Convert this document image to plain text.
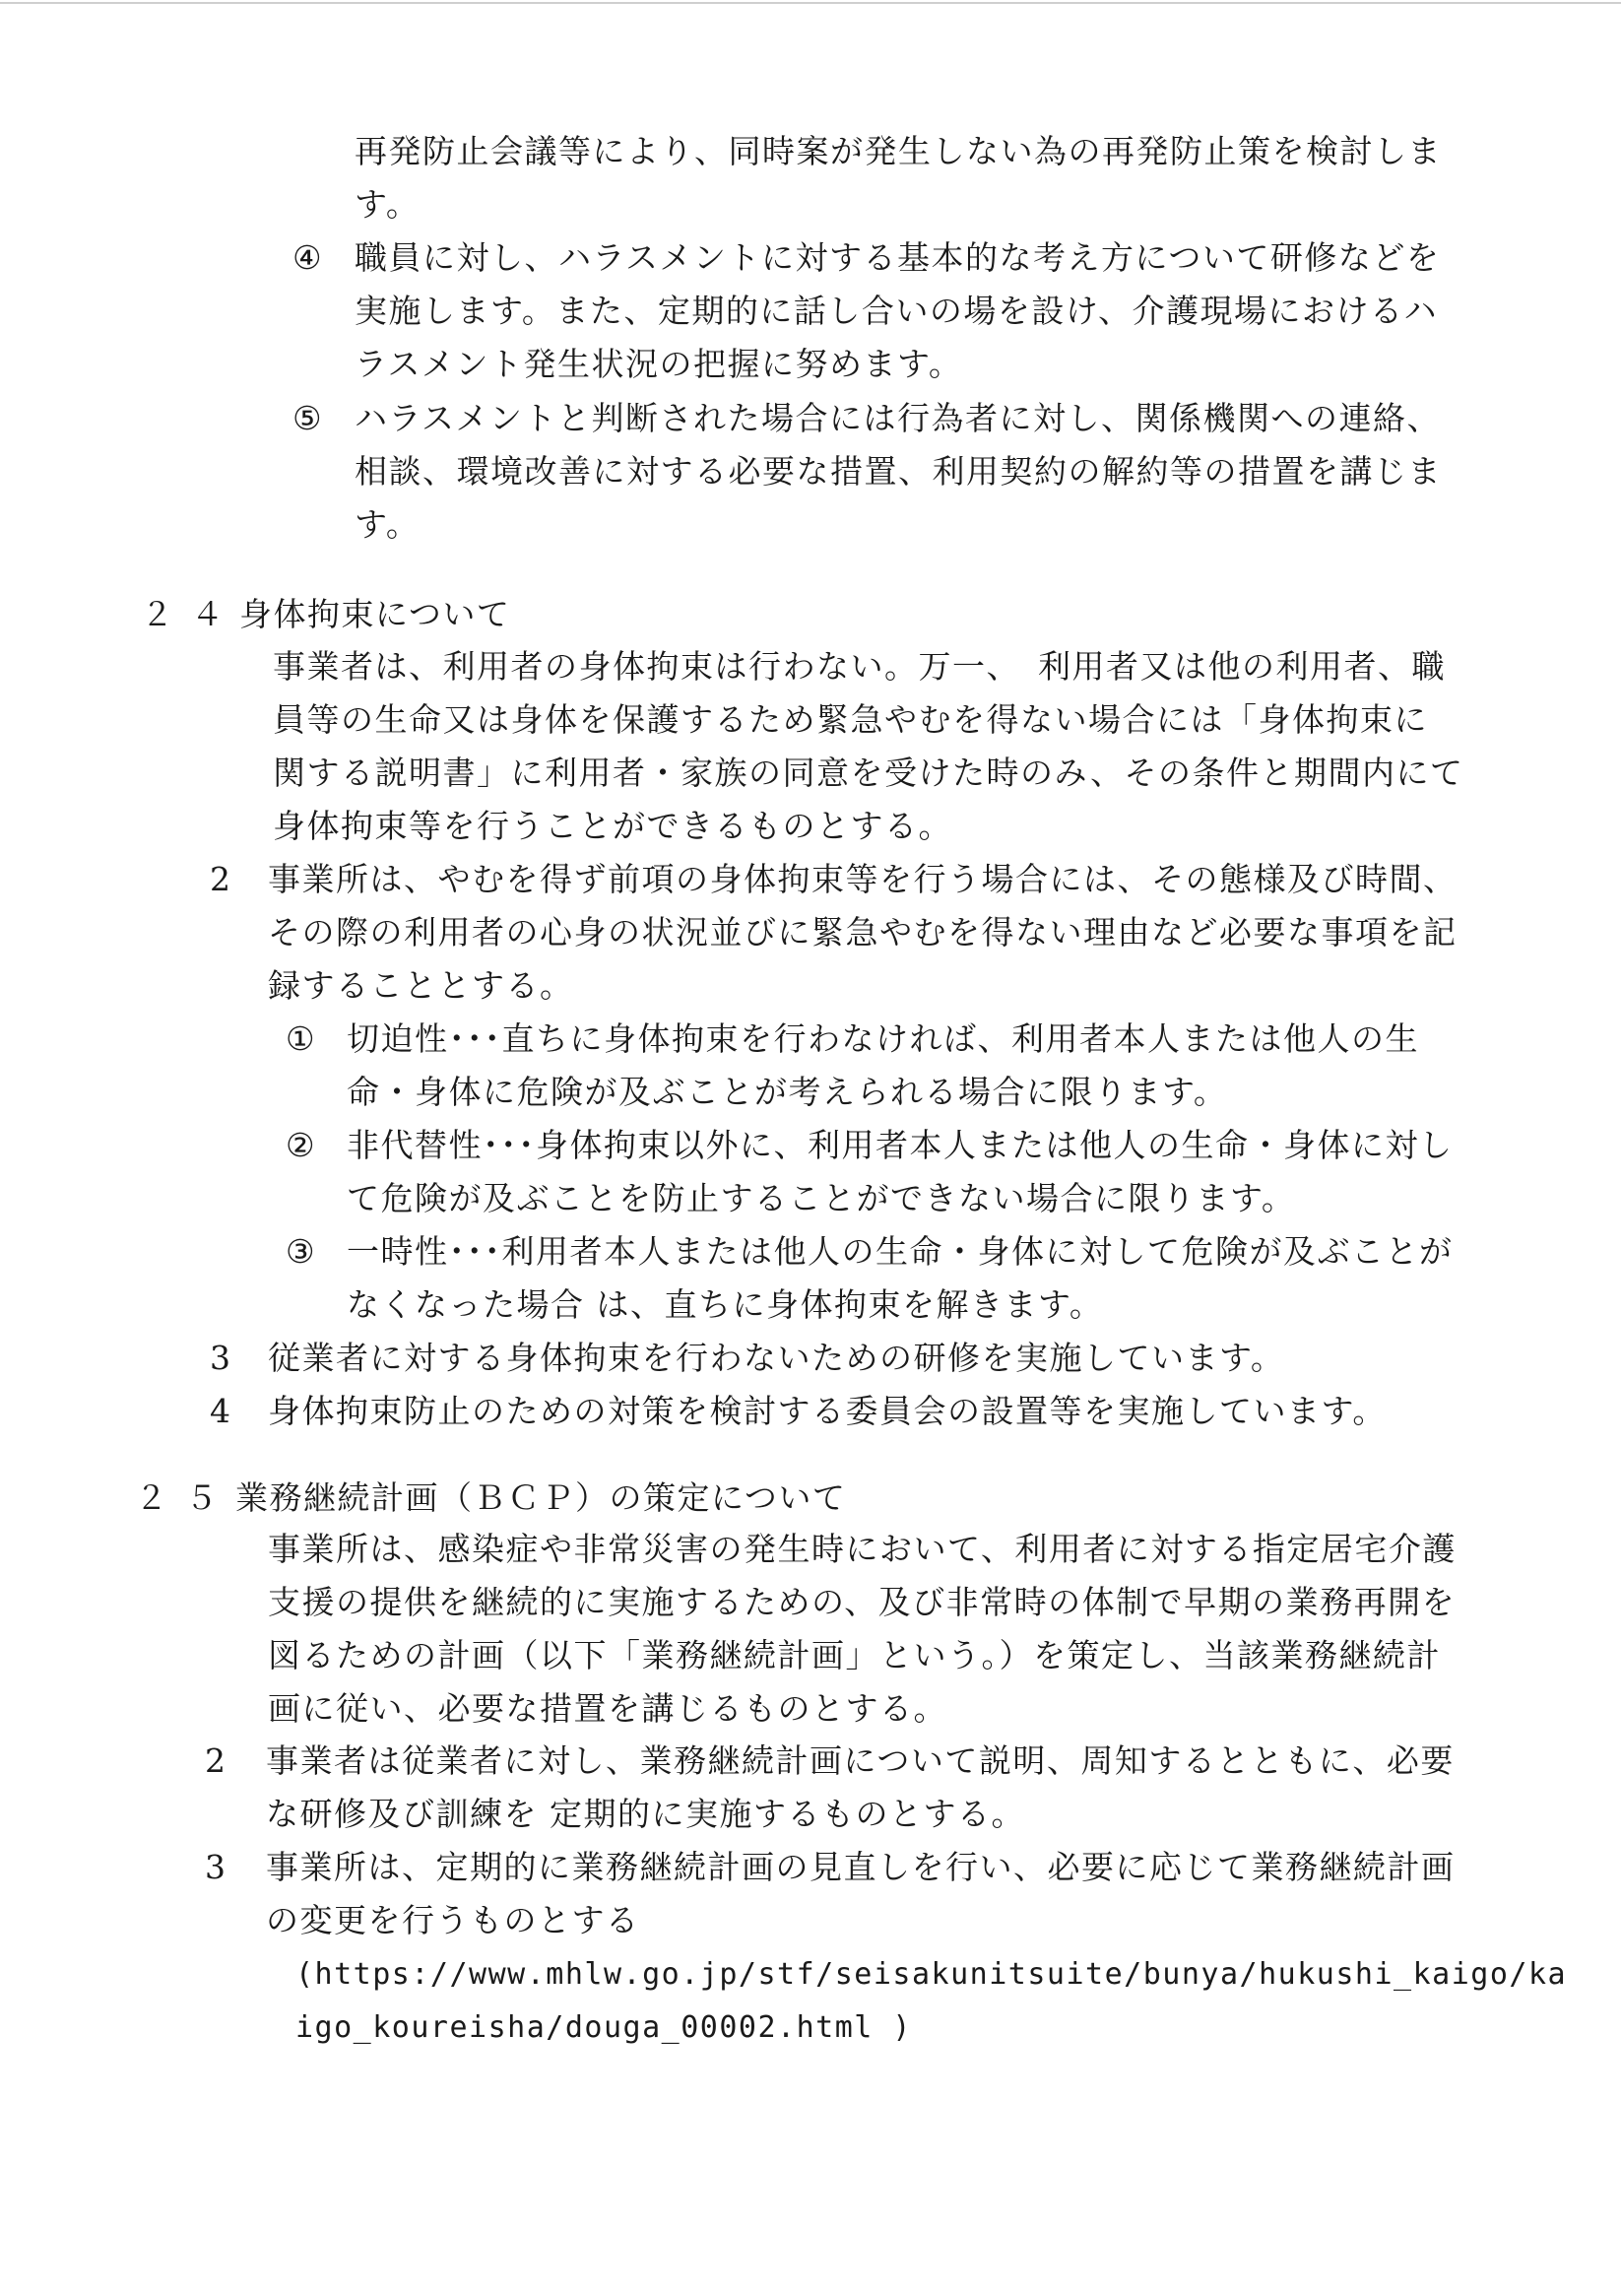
再発防止会議等により、同時案が発生しない為の再発防止策を検討しま
す。
④ 職員に対し、ハラスメントに対する基本的な考え方について研修などを
実施します。また、定期的に話し合いの場を設け、介護現場におけるハ
ラスメント発生状況の把握に努めます。
⑤ ハラスメントと判断された場合には行為者に対し、関係機関への連絡、
相談、環境改善に対する必要な措置、利用契約の解約等の措置を講じま
す。
２４身体拘束について
事業者は、利用者の身体拘束は行わない。万一、　利用者又は他の利用者、職
員等の生命又は身体を保護するため緊急やむを得ない場合には「身体拘束に
関する説明書」に利用者・家族の同意を受けた時のみ、その条件と期間内にて
身体拘束等を行うことができるものとする。
2 事業所は、やむを得ず前項の身体拘束等を行う場合には、その態様及び時間、
その際の利用者の心身の状況並びに緊急やむを得ない理由など必要な事項を記
録することとする。
① 切迫性･･･直ちに身体拘束を行わなければ、利用者本人または他人の生
命・身体に危険が及ぶことが考えられる場合に限ります。
② 非代替性･･･身体拘束以外に、利用者本人または他人の生命・身体に対し
て危険が及ぶことを防止することができない場合に限ります。
③ 一時性･･･利用者本人または他人の生命・身体に対して危険が及ぶことが
なくなった場合 は、直ちに身体拘束を解きます。
3 従業者に対する身体拘束を行わないための研修を実施しています。
4 身体拘束防止のための対策を検討する委員会の設置等を実施しています。
２５業務継続計画（ＢＣＰ）の策定について
事業所は、感染症や非常災害の発生時において、利用者に対する指定居宅介護
支援の提供を継続的に実施するための、及び非常時の体制で早期の業務再開を
図るための計画（以下「業務継続計画」という。）を策定し、当該業務継続計
画に従い、必要な措置を講じるものとする。
2 事業者は従業者に対し、業務継続計画について説明、周知するとともに、必要
な研修及び訓練を 定期的に実施するものとする。
3 事業所は、定期的に業務継続計画の見直しを行い、必要に応じて業務継続計画
の変更を行うものとする
(https://www.mhlw.go.jp/stf/seisakunitsuite/bunya/hukushi_kaigo/ka
igo_koureisha/douga_00002.html )
